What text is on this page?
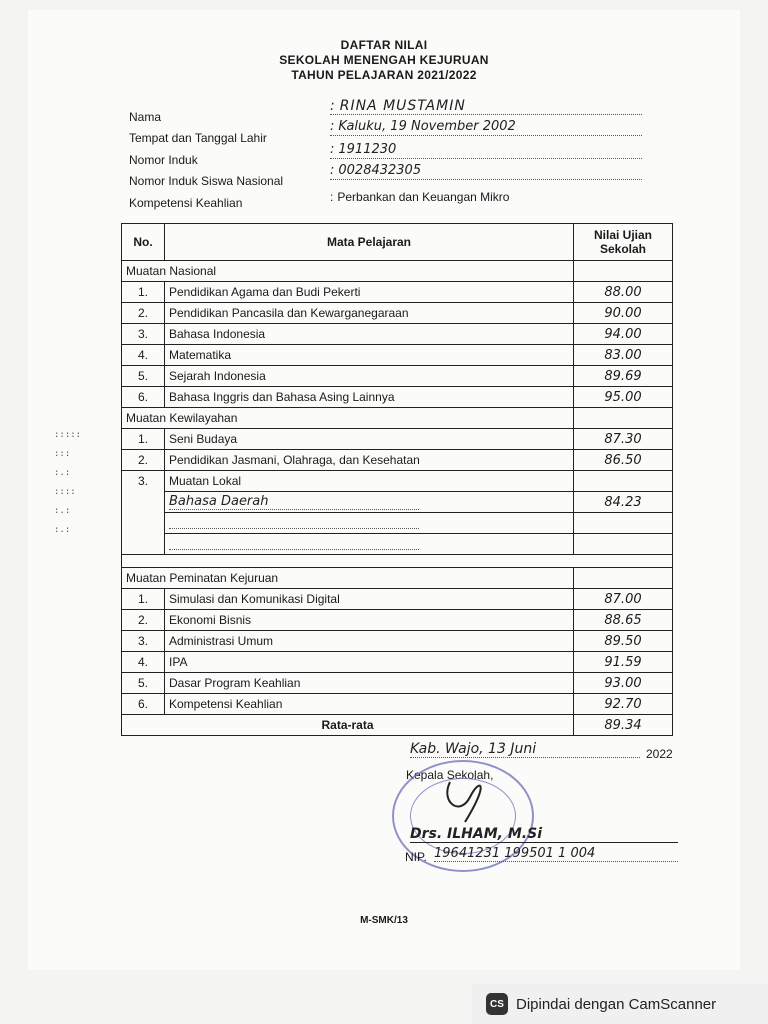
DAFTAR NILAI
SEKOLAH MENENGAH KEJURUAN
TAHUN PELAJARAN 2021/2022
Nama
: RINA MUSTAMIN
Tempat dan Tanggal Lahir
: Kaluku, 19 November 2002
Nomor Induk
: 1911230
Nomor Induk Siswa Nasional
: 0028432305
Kompetensi Keahlian	: Perbankan dan Keuangan Mikro
No.	Mata Pelajaran	Nilai Ujian
Sekolah

Muatan Nasional		
1.	Pendidikan Agama dan Budi Pekerti	88.00
2.	Pendidikan Pancasila dan Kewarganegaraan	90.00
3.	Bahasa Indonesia	94.00
4.	Matematika	83.00
5.	Sejarah Indonesia	89.69
6.	Bahasa Inggris dan Bahasa Asing Lainnya	95.00
Muatan Kewilayahan		
1.	Seni Budaya	87.30
2.	Pendidikan Jasmani, Olahraga, dan Kesehatan	86.50
3.	Muatan Lokal	
	Bahasa Daerah	84.23

Muatan Peminatan Kejuruan		
1.	Simulasi dan Komunikasi Digital	87.00
2.	Ekonomi Bisnis	88.65
3.	Administrasi Umum	89.50
4.	IPA	91.59
5.	Dasar Program Keahlian	93.00
6.	Kompetensi Keahlian	92.70
Rata-rata		89.34
Kab. Wajo, 13 Juni	2022
Kepala Sekolah,
Drs. ILHAM, M.Si
NIP. 19641231 199501 1 004
:::::
:::
:.:
::::
:.:
:.:
M-SMK/13
CS Dipindai dengan CamScanner
